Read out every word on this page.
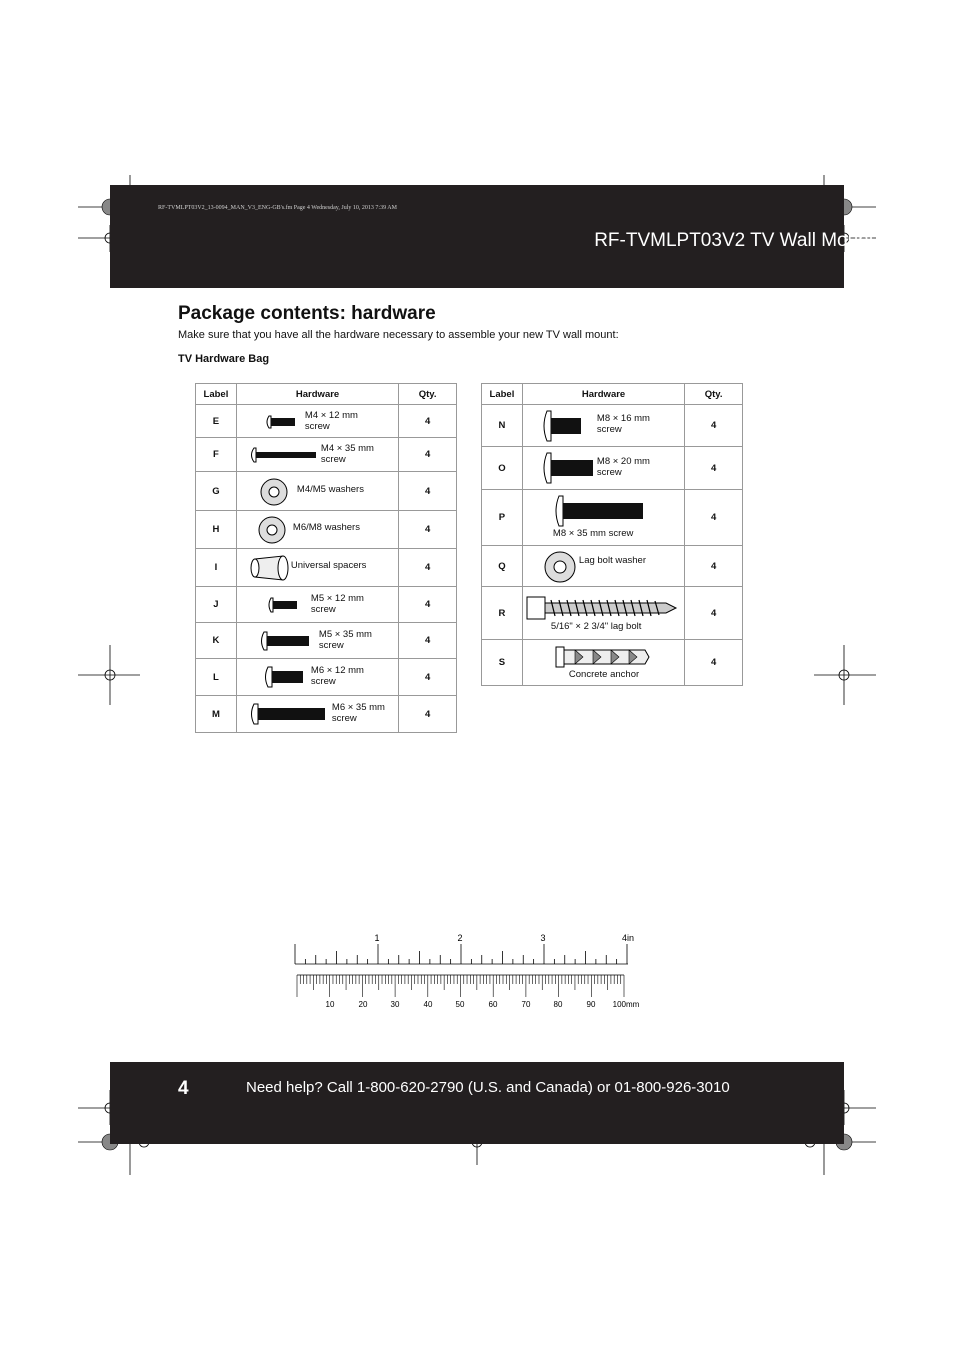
RF-TVMLPT03V2_13-0094_MAN_V3_ENG-GB's.fm Page 4 Wednesday, July 10, 2013 7:39 AM
RF-TVMLPT03V2 TV Wall Mount
Package contents: hardware
Make sure that you have all the hardware necessary to assemble your new TV wall mount:
TV Hardware Bag
Label	Hardware	Qty.
E	M4 × 12 mm screw	4
F	M4 × 35 mm screw	4
G	M4/M5 washers	4
H	M6/M8 washers	4
I	Universal spacers	4
J	M5 × 12 mm screw	4
K	M5 × 35 mm screw	4
L	M6 × 12 mm screw	4
M	M6 × 35 mm screw	4
Label	Hardware	Qty.
N	M8 × 16 mm screw	4
O	M8 × 20 mm screw	4
P	M8 × 35 mm screw	4
Q	Lag bolt washer	4
R	5/16" × 2 3/4" lag bolt	4
S	Concrete anchor	4
1	2	3	4in
10	20	30	40	50	60	70	80	90 100mm
4	Need help? Call 1-800-620-2790 (U.S. and Canada) or 01-800-926-3010
